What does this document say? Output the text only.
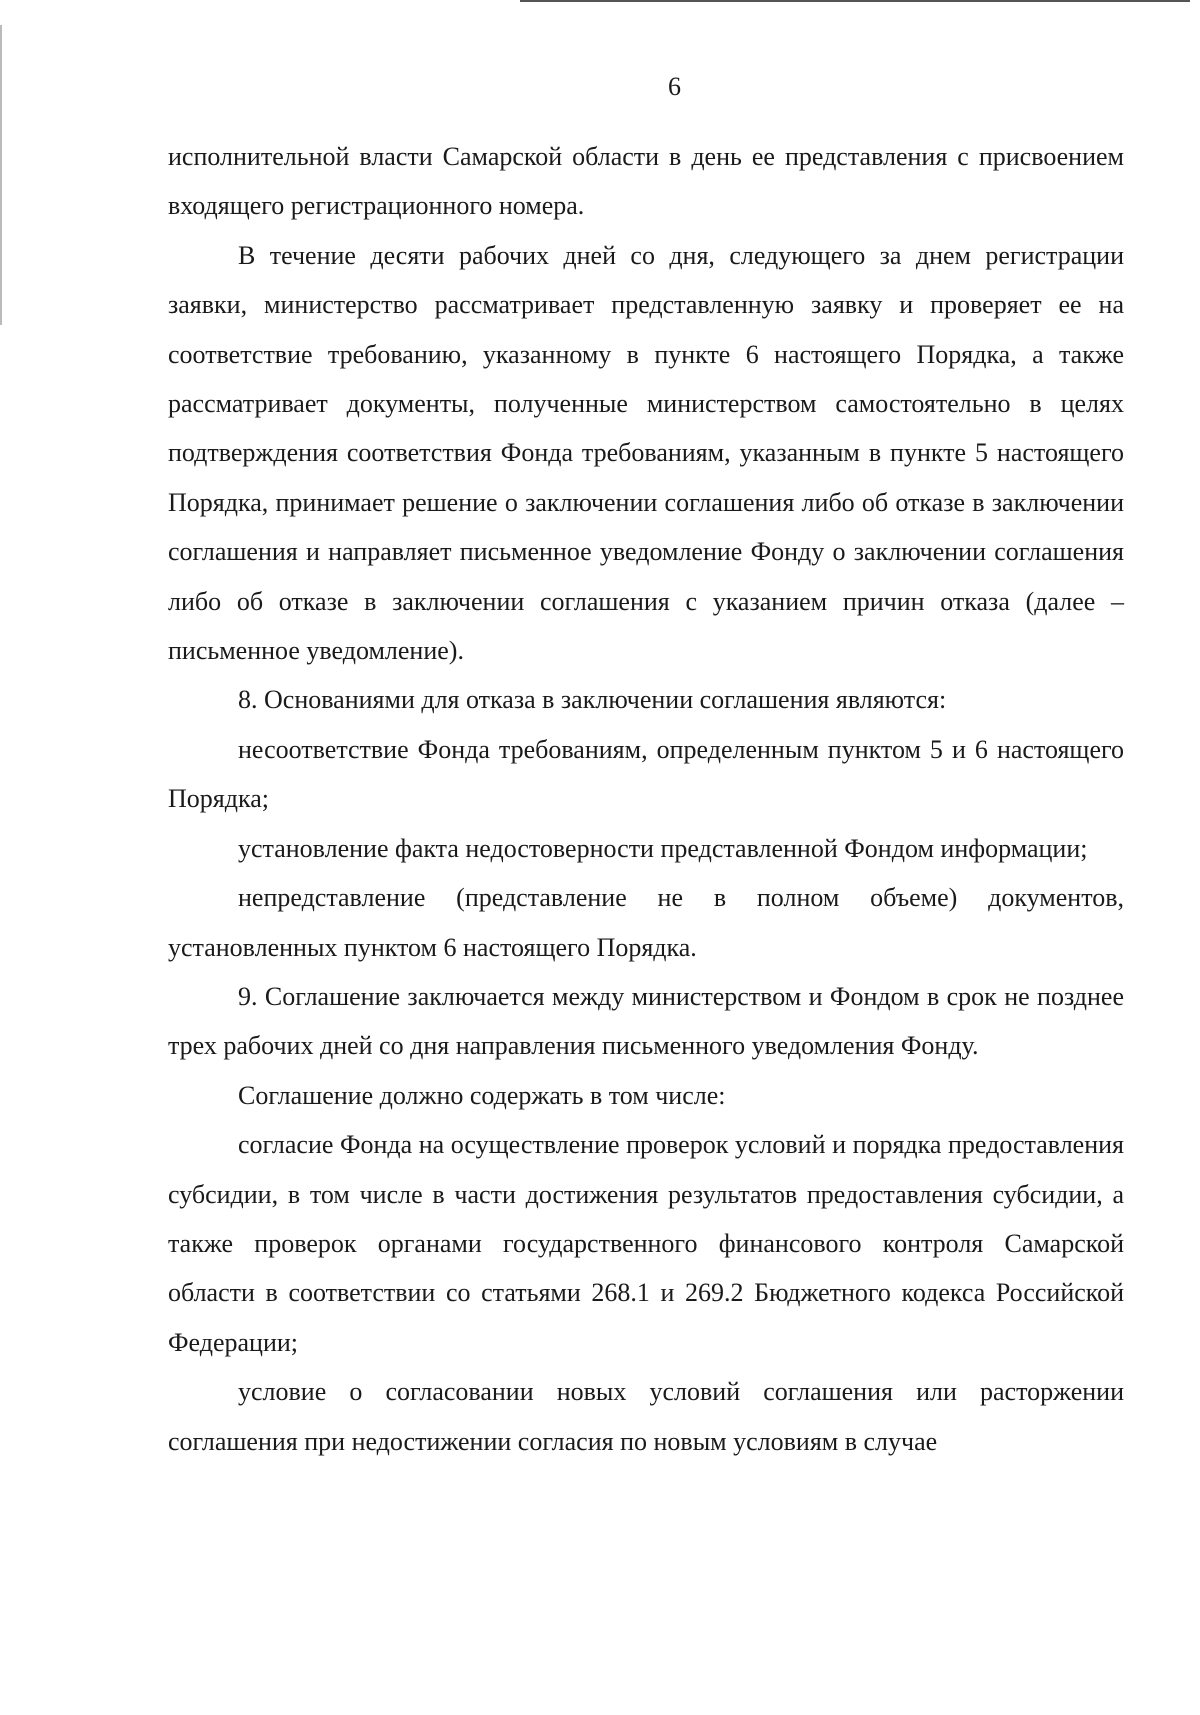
6

исполнительной власти Самарской области в день ее представления с присвоением входящего регистрационного номера.

В течение десяти рабочих дней со дня, следующего за днем регистрации заявки, министерство рассматривает представленную заявку и проверяет ее на соответствие требованию, указанному в пункте 6 настоящего Порядка, а также рассматривает документы, полученные министерством самостоятельно в целях подтверждения соответствия Фонда требованиям, указанным в пункте 5 настоящего Порядка, принимает решение о заключении соглашения либо об отказе в заключении соглашения и направляет письменное уведомление Фонду о заключении соглашения либо об отказе в заключении соглашения с указанием причин отказа (далее – письменное уведомление).

8. Основаниями для отказа в заключении соглашения являются:

несоответствие Фонда требованиям, определенным пунктом 5 и 6 настоящего Порядка;

установление факта недостоверности представленной Фондом информации;

непредставление (представление не в полном объеме) документов, установленных пунктом 6 настоящего Порядка.

9. Соглашение заключается между министерством и Фондом в срок не позднее трех рабочих дней со дня направления письменного уведомления Фонду.

Соглашение должно содержать в том числе:

согласие Фонда на осуществление проверок условий и порядка предоставления субсидии, в том числе в части достижения результатов предоставления субсидии, а также проверок органами государственного финансового контроля Самарской области в соответствии со статьями 268.1 и 269.2 Бюджетного кодекса Российской Федерации;

условие о согласовании новых условий соглашения или расторжении соглашения при недостижении согласия по новым условиям в случае
